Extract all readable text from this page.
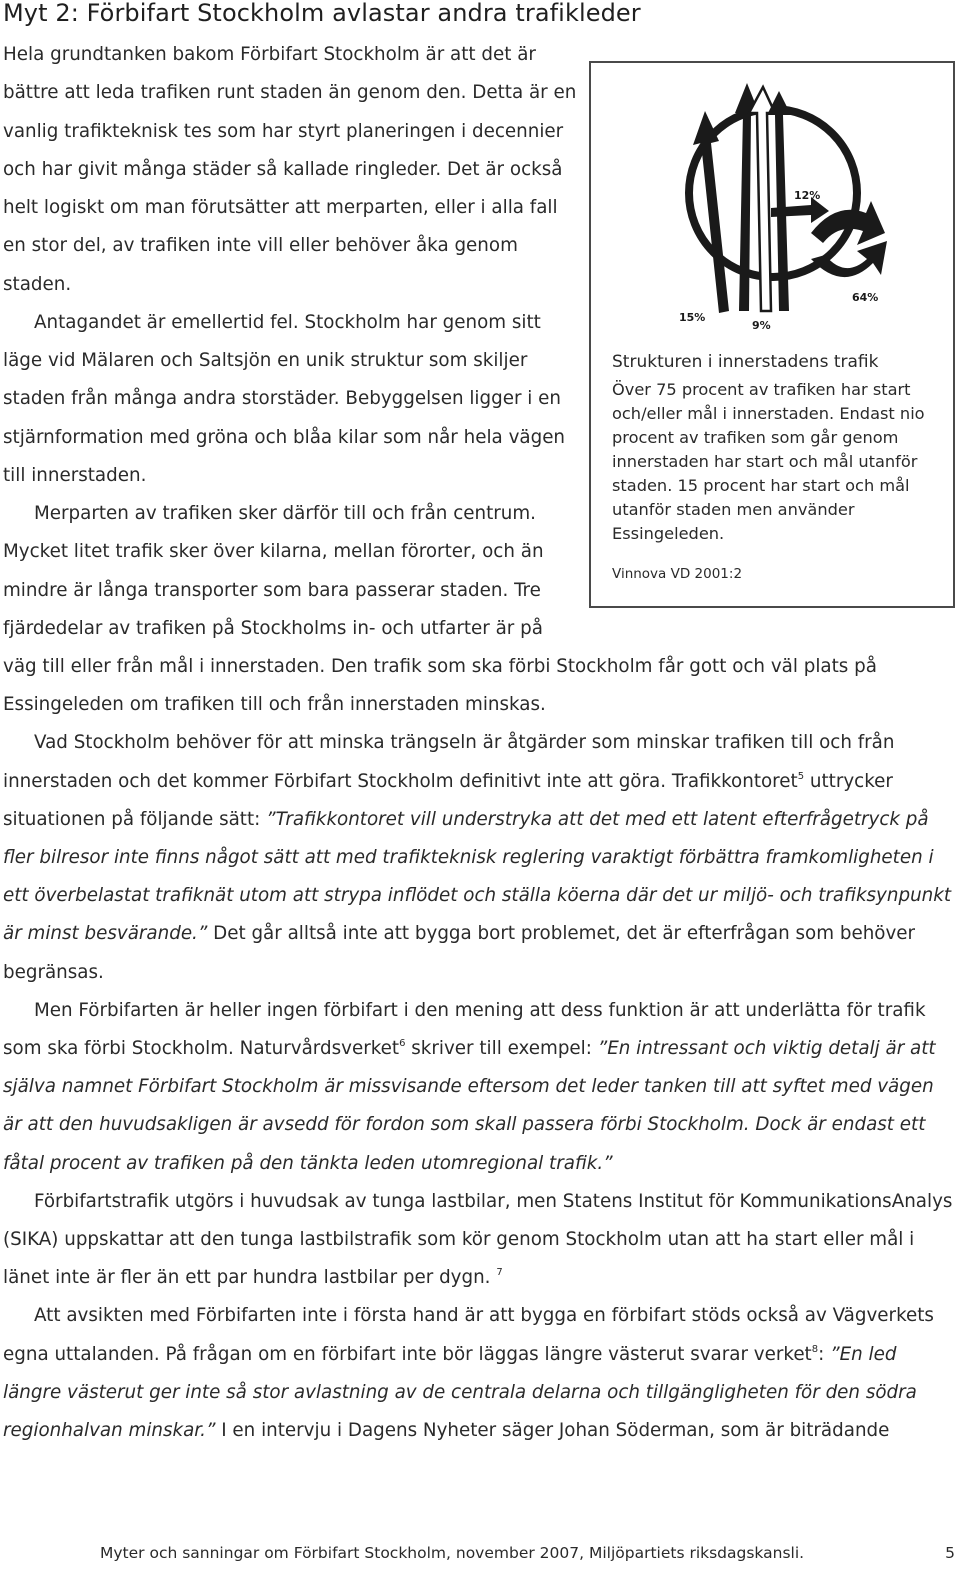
Myt 2: Förbifart Stockholm avlastar andra trafikleder
12%
15%
9%
64%
Strukturen i innerstadens trafik
Över 75 procent av trafiken har start och/eller mål i innerstaden. Endast nio procent av trafiken som går genom innerstaden har start och mål utanför staden. 15 procent har start och mål utanför staden men använder Essingeleden.
Vinnova VD 2001:2

Hela grundtanken bakom Förbifart Stockholm är att det är bättre att leda trafiken runt staden än genom den. Detta är en vanlig trafikteknisk tes som har styrt planeringen i decennier och har givit många städer så kallade ringleder. Det är också helt logiskt om man förutsätter att merparten, eller i alla fall en stor del, av trafiken inte vill eller behöver åka genom staden.

Antagandet är emellertid fel. Stockholm har genom sitt läge vid Mälaren och Saltsjön en unik struktur som skiljer staden från många andra storstäder. Bebyggelsen ligger i en stjärnformation med gröna och blåa kilar som når hela vägen till innerstaden.

Merparten av trafiken sker därför till och från centrum. Mycket litet trafik sker över kilarna, mellan förorter, och än mindre är långa transporter som bara passerar staden. Tre fjärdedelar av trafiken på Stockholms in- och utfarter är på väg till eller från mål i innerstaden. Den trafik som ska förbi Stockholm får gott och väl plats på Essingeleden om trafiken till och från innerstaden minskas.

Vad Stockholm behöver för att minska trängseln är åtgärder som minskar trafiken till och från innerstaden och det kommer Förbifart Stockholm definitivt inte att göra. Trafikkontoret$^5$ uttrycker situationen på följande sätt: ”Trafikkontoret vill understryka att det med ett latent efterfrågetryck på fler bilresor inte finns något sätt att med trafikteknisk reglering varaktigt förbättra framkomligheten i ett överbelastat trafiknät utom att strypa inflödet och ställa köerna där det ur miljö- och trafiksynpunkt är minst besvärande.” Det går alltså inte att bygga bort problemet, det är efterfrågan som behöver begränsas.

Men Förbifarten är heller ingen förbifart i den mening att dess funktion är att underlätta för trafik som ska förbi Stockholm. Naturvårdsverket$^6$ skriver till exempel: ”En intressant och viktig detalj är att själva namnet Förbifart Stockholm är missvisande eftersom det leder tanken till att syftet med vägen är att den huvudsakligen är avsedd för fordon som skall passera förbi Stockholm. Dock är endast ett fåtal procent av trafiken på den tänkta leden utomregional trafik.”

Förbifartstrafik utgörs i huvudsak av tunga lastbilar, men Statens Institut för KommunikationsAnalys (SIKA) uppskattar att den tunga lastbilstrafik som kör genom Stockholm utan att ha start eller mål i länet inte är fler än ett par hundra lastbilar per dygn. $^7$

Att avsikten med Förbifarten inte i första hand är att bygga en förbifart stöds också av Vägverkets egna uttalanden. På frågan om en förbifart inte bör läggas längre västerut svarar verket$^8$: ”En led längre västerut ger inte så stor avlastning av de centrala delarna och tillgängligheten för den södra regionhalvan minskar.” I en intervju i Dagens Nyheter säger Johan Söderman, som är biträdande

Myter och sanningar om Förbifart Stockholm, november 2007, Miljöpartiets riksdagskansli.	5
